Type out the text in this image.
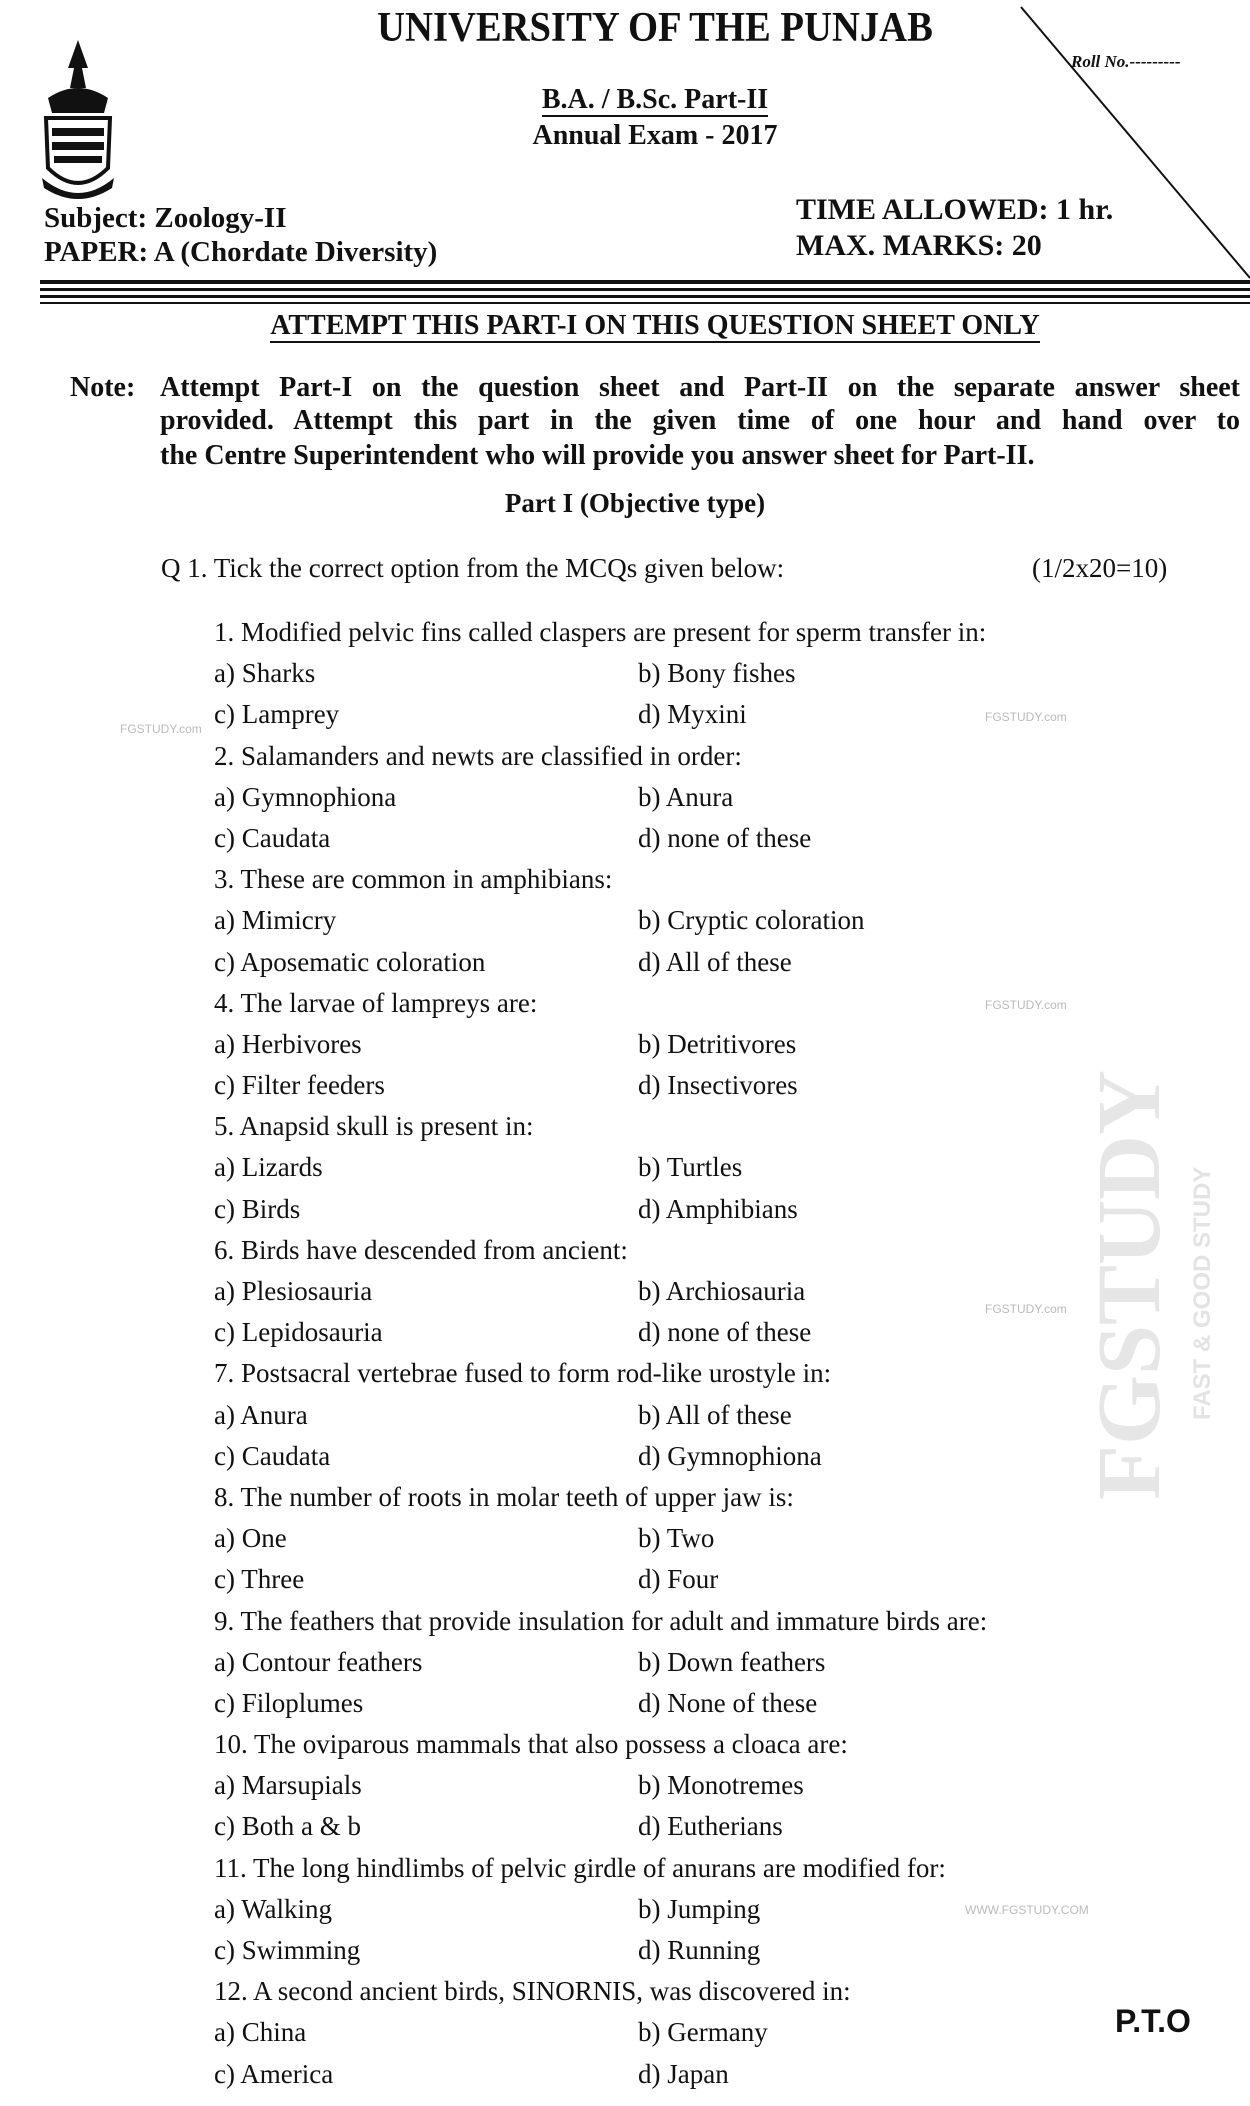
FGSTUDY FAST & GOOD STUDY
FGSTUDY.com
FGSTUDY.com
FGSTUDY.com
FGSTUDY.com
WWW.FGSTUDY.COM
UNIVERSITY OF THE PUNJAB
Roll No.---------
B.A. / B.Sc. Part-II
Annual Exam - 2017
Subject: Zoology-II
PAPER: A (Chordate Diversity)
TIME ALLOWED: 1 hr.
MAX. MARKS: 20
ATTEMPT THIS PART-I ON THIS QUESTION SHEET ONLY
Note: Attempt Part-I on the question sheet and Part-II on the separate answer sheet
provided. Attempt this part in the given time of one hour and hand over to
the Centre Superintendent who will provide you answer sheet for Part-II.
Part I (Objective type)
Q 1. Tick the correct option from the MCQs given below:	(1/2x20=10)
1. Modified pelvic fins called claspers are present for sperm transfer in:
a) Sharks	b) Bony fishes
c) Lamprey	d) Myxini
2. Salamanders and newts are classified in order:
a) Gymnophiona	b) Anura
c) Caudata	d) none of these
3. These are common in amphibians:
a) Mimicry	b) Cryptic coloration
c) Aposematic coloration	d) All of these
4. The larvae of lampreys are:
a) Herbivores	b) Detritivores
c) Filter feeders	d) Insectivores
5. Anapsid skull is present in:
a) Lizards	b) Turtles
c) Birds	d) Amphibians
6. Birds have descended from ancient:
a) Plesiosauria	b) Archiosauria
c) Lepidosauria	d) none of these
7. Postsacral vertebrae fused to form rod-like urostyle in:
a) Anura	b) All of these
c) Caudata	d) Gymnophiona
8. The number of roots in molar teeth of upper jaw is:
a) One	b) Two
c) Three	d) Four
9. The feathers that provide insulation for adult and immature birds are:
a) Contour feathers	b) Down feathers
c) Filoplumes	d) None of these
10. The oviparous mammals that also possess a cloaca are:
a) Marsupials	b) Monotremes
c) Both a & b	d) Eutherians
11. The long hindlimbs of pelvic girdle of anurans are modified for:
a) Walking	b) Jumping
c) Swimming	d) Running
12. A second ancient birds, SINORNIS, was discovered in:
a) China	b) Germany
c) America	d) Japan
P.T.O
